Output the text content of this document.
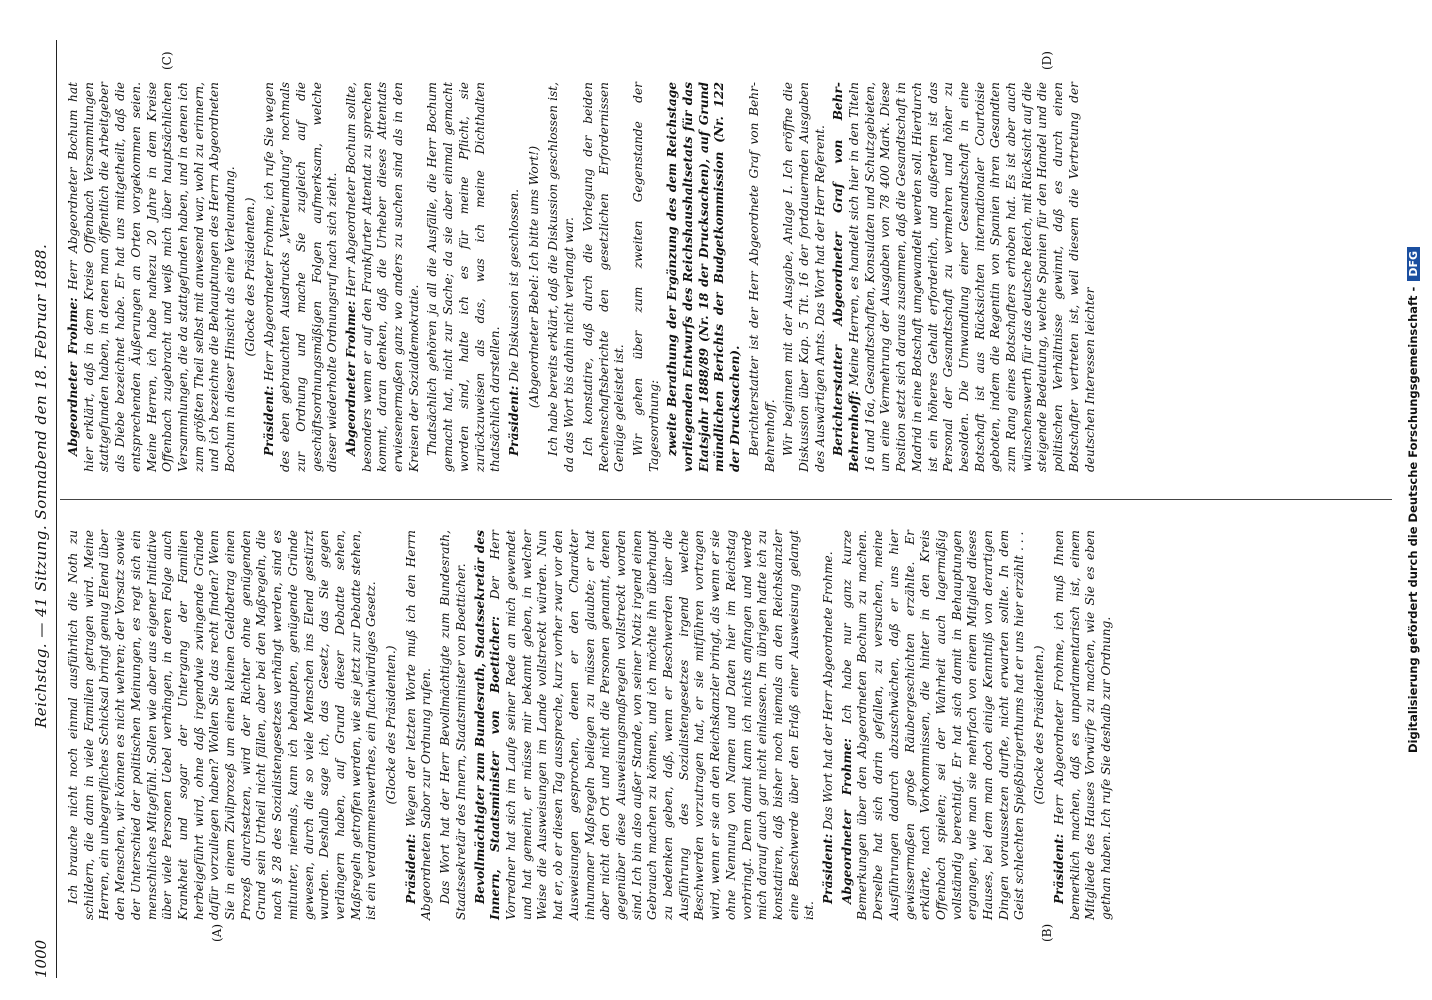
1000
Reichstag. — 41 Sitzung. Sonnabend den 18. Februar 1888.
(A)	(B)
(C)	(D)

Ich brauche nicht noch einmal ausführlich die Noth zu schildern, die dann in viele Familien getragen wird. Meine Herren, ein unbegreifliches Schicksal bringt genug Elend über den Menschen, wir können es nicht wehren; der Vorsatz sowie der Unterschied der politischen Meinungen, es regt sich ein menschliches Mitgefühl. Sollen wie aber aus eigener Initiative über viele Personen Uebel verhängen, in deren Folge auch Krankheit und sogar der Untergang der Familien herbeigeführt wird, ohne daß irgendwie zwingende Gründe dafür vorzuliegen haben? Wollen Sie das recht finden? Wenn Sie in einem Zivilprozeß um einen kleinen Geldbetrag einen Prozeß durchsetzen, wird der Richter ohne genügenden Grund sein Urtheil nicht fällen, aber bei den Maßregeln, die nach § 28 des Sozialistengesetzes verhängt werden, sind es mitunter, niemals, kann ich behaupten, genügende Gründe gewesen, durch die so viele Menschen ins Elend gestürzt wurden. Deshalb sage ich, das Gesetz, das Sie gegen verlängern haben, auf Grund dieser Debatte sehen, Maßregeln getroffen werden, wie sie jetzt zur Debatte stehen, ist ein verdammenswerthes, ein fluchwürdiges Gesetz. (Glocke des Präsidenten.)

Präsident: Wegen der letzten Worte muß ich den Herrn Abgeordneten Sabor zur Ordnung rufen. Das Wort hat der Herr Bevollmächtigte zum Bundesrath, Staatssekretär des Innern, Staatsminister von Boetticher. Bevollmächtigter zum Bundesrath, Staatssekretär des Innern, Staatsminister von Boetticher: Der Herr Vorredner hat sich im Laufe seiner Rede an mich gewendet und hat gemeint, er müsse mir bekannt geben, in welcher Weise die Ausweisungen im Lande vollstreckt würden. Nun hat er, ob er diesen Tag ausspreche, kurz vorher zwar vor den Ausweisungen gesprochen, denen er den Charakter inhumaner Maßregeln beilegen zu müssen glaubte; er hat aber nicht den Ort und nicht die Personen genannt, denen gegenüber diese Ausweisungsmaßregeln vollstreckt worden sind. Ich bin also außer Stande, von seiner Notiz irgend einen Gebrauch machen zu können, und ich möchte ihn überhaupt zu bedenken geben, daß, wenn er Beschwerden über die Ausführung des Sozialistengesetzes irgend welche Beschwerden vorzutragen hat, er sie mitführen vortragen wird, wenn er sie an den Reichskanzler bringt, als wenn er sie ohne Nennung von Namen und Daten hier im Reichstag vorbringt. Denn damit kann ich nichts anfangen und werde mich darauf auch gar nicht einlassen. Im übrigen hatte ich zu konstatiren, daß bisher noch niemals an den Reichskanzler eine Beschwerde über den Erlaß einer Ausweisung gelangt ist.

Präsident: Das Wort hat der Herr Abgeordnete Frohme. Abgeordneter Frohme: Ich habe nur ganz kurze Bemerkungen über den Abgeordneten Bochum zu machen. Derselbe hat sich darin gefallen, zu versuchen, meine Ausführungen dadurch abzuschwächen, daß er uns hier gewissermaßen große Räubergeschichten erzählte. Er erklärte, nach Vorkommnissen, die hinter in den Kreis Offenbach spielen; sei der Wahrheit auch lagermäßig vollständig berechtigt. Er hat sich damit in Behauptungen ergangen, wie man sie mehrfach von einem Mitglied dieses Hauses, bei dem man doch einige Kenntniß von derartigen Dingen voraussetzen durfte, nicht erwarten sollte. In dem Geist schlechten Spießbürgerthums hat er uns hier erzählt . . . (Glocke des Präsidenten.)

Präsident: Herr Abgeordneter Frohme, ich muß Ihnen bemerklich machen, daß es unparlamentarisch ist, einem Mitgliede des Hauses Vorwürfe zu machen, wie Sie es eben gethan haben. Ich rufe Sie deshalb zur Ordnung.

Abgeordneter Frohme: Herr Abgeordneter Bochum hat hier erklärt, daß in dem Kreise Offenbach Versammlungen stattgefunden haben, in denen man öffentlich die Arbeitgeber als Diebe bezeichnet habe. Er hat uns mitgetheilt, daß die entsprechenden Äußerungen an Orten vorgekommen seien. Meine Herren, ich habe nahezu 20 Jahre in dem Kreise Offenbach zugebracht und weiß mich über hauptsächlichen Versammlungen, die da stattgefunden haben, und in denen ich zum größten Theil selbst mit anwesend war, wohl zu erinnern, und ich bezeichne die Behauptungen des Herrn Abgeordneten Bochum in dieser Hinsicht als eine Verleumdung. (Glocke des Präsidenten.)

Präsident: Herr Abgeordneter Frohme, ich rufe Sie wegen des eben gebrauchten Ausdrucks „Verleumdung“ nochmals zur Ordnung und mache Sie zugleich auf die geschäftsordnungsmäßigen Folgen aufmerksam, welche dieser wiederholte Ordnungsruf nach sich zieht. Abgeordneter Frohme: Herr Abgeordneter Bochum sollte, besonders wenn er auf den Frankfurter Attentat zu sprechen kommt, daran denken, daß die Urheber dieses Attentats erwiesenermaßen ganz wo anders zu suchen sind als in den Kreisen der Sozialdemokratie. Thatsächlich gehören ja all die Ausfälle, die Herr Bochum gemacht hat, nicht zur Sache; da sie aber einmal gemacht worden sind, halte ich es für meine Pflicht, sie zurückzuweisen als das, was ich meine Dichthalten thatsächlich darstellen. Präsident: Die Diskussion ist geschlossen. (Abgeordneter Bebel: Ich bitte ums Wort!) Ich habe bereits erklärt, daß die Diskussion geschlossen ist, da das Wort bis dahin nicht verlangt war. Ich konstatire, daß durch die Vorlegung der beiden Rechenschaftsberichte den gesetzlichen Erfordernissen Genüge geleistet ist. Wir gehen über zum zweiten Gegenstande der Tagesordnung: zweite Berathung der Ergänzung des dem Reichstage vorliegenden Entwurfs des Reichshaushaltsetats für das Etatsjahr 1888/89 (Nr. 18 der Drucksachen), auf Grund mündlichen Berichts der Budgetkommission (Nr. 122 der Drucksachen). Berichterstatter ist der Herr Abgeordnete Graf von Behr-Behrenhoff. Wir beginnen mit der Ausgabe, Anlage I. Ich eröffne die Diskussion über Kap. 5 Tit. 16 der fortdauernden Ausgaben des Auswärtigen Amts. Das Wort hat der Herr Referent. Berichterstatter Abgeordneter Graf von Behr-Behrenhoff: Meine Herren, es handelt sich hier in den Titeln 16 und 16a, Gesandtschaften, Konsulaten und Schutzgebieten, um eine Vermehrung der Ausgaben von 78 400 Mark. Diese Position setzt sich daraus zusammen, daß die Gesandtschaft in Madrid in eine Botschaft umgewandelt werden soll. Hierdurch ist ein höheres Gehalt erforderlich, und außerdem ist das Personal der Gesandtschaft zu vermehren und höher zu besolden. Die Umwandlung einer Gesandtschaft in eine Botschaft ist aus Rücksichten internationaler Courtoisie geboten, indem die Regentin von Spanien ihren Gesandten zum Rang eines Botschafters erhoben hat. Es ist aber auch wünschenswerth für das deutsche Reich, mit Rücksicht auf die steigende Bedeutung, welche Spanien für den Handel und die politischen Verhältnisse gewinnt, daß es durch einen Botschafter vertreten ist, weil diesem die Vertretung der deutschen Interessen leichter	Digitalisierung gefördert durch die Deutsche Forschungsgemeinschaft -DFG
